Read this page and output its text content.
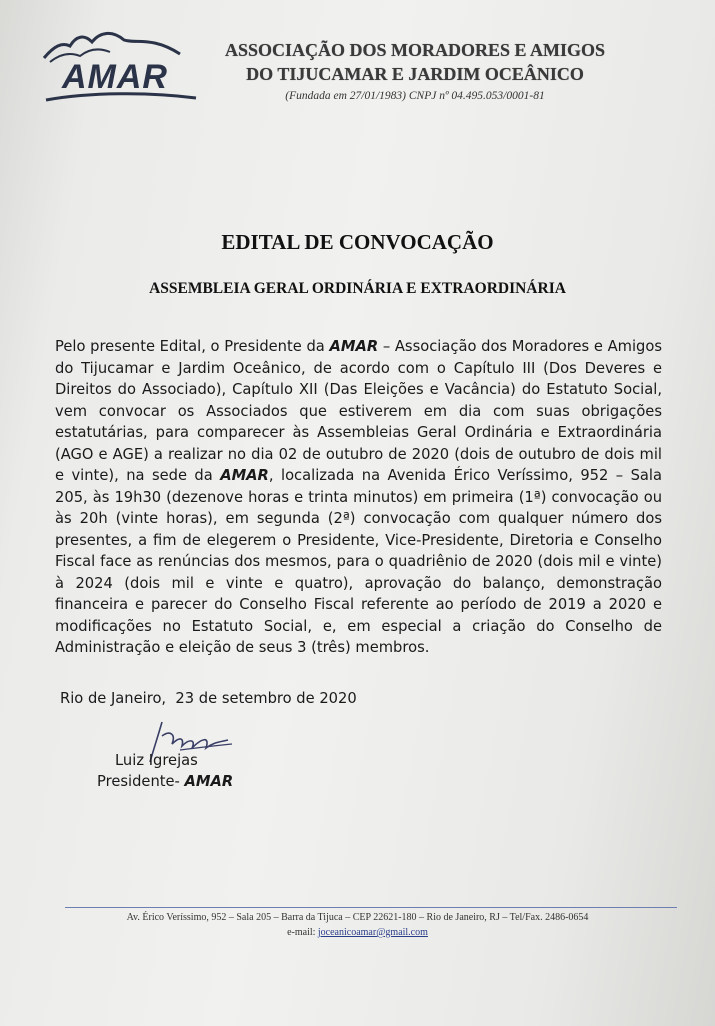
AMAR
ASSOCIAÇÃO DOS MORADORES E AMIGOS
DO TIJUCAMAR E JARDIM OCEÂNICO
(Fundada em 27/01/1983) CNPJ nº 04.495.053/0001-81
EDITAL DE CONVOCAÇÃO
ASSEMBLEIA GERAL ORDINÁRIA E EXTRAORDINÁRIA
Pelo presente Edital, o Presidente da AMAR – Associação dos Moradores e Amigos do Tijucamar e Jardim Oceânico, de acordo com o Capítulo III (Dos Deveres e Direitos do Associado), Capítulo XII (Das Eleições e Vacância) do Estatuto Social, vem convocar os Associados que estiverem em dia com suas obrigações estatutárias, para comparecer às Assembleias Geral Ordinária e Extraordinária (AGO e AGE) a realizar no dia 02 de outubro de 2020 (dois de outubro de dois mil e vinte), na sede da AMAR, localizada na Avenida Érico Veríssimo, 952 – Sala 205, às 19h30 (dezenove horas e trinta minutos) em primeira (1ª) convocação ou às 20h (vinte horas), em segunda (2ª) convocação com qualquer número dos presentes, a fim de elegerem o Presidente, Vice-Presidente, Diretoria e Conselho Fiscal face as renúncias dos mesmos, para o quadriênio de 2020 (dois mil e vinte) à 2024 (dois mil e vinte e quatro), aprovação do balanço, demonstração financeira e parecer do Conselho Fiscal referente ao período de 2019 a 2020 e modificações no Estatuto Social, e, em especial a criação do Conselho de Administração e eleição de seus 3 (três) membros.
Rio de Janeiro,  23 de setembro de 2020
Luiz Igrejas
Presidente- AMAR
Av. Érico Veríssimo, 952 – Sala 205 – Barra da Tijuca – CEP 22621-180 – Rio de Janeiro, RJ – Tel/Fax. 2486-0654
e-mail: joceanicoamar@gmail.com
